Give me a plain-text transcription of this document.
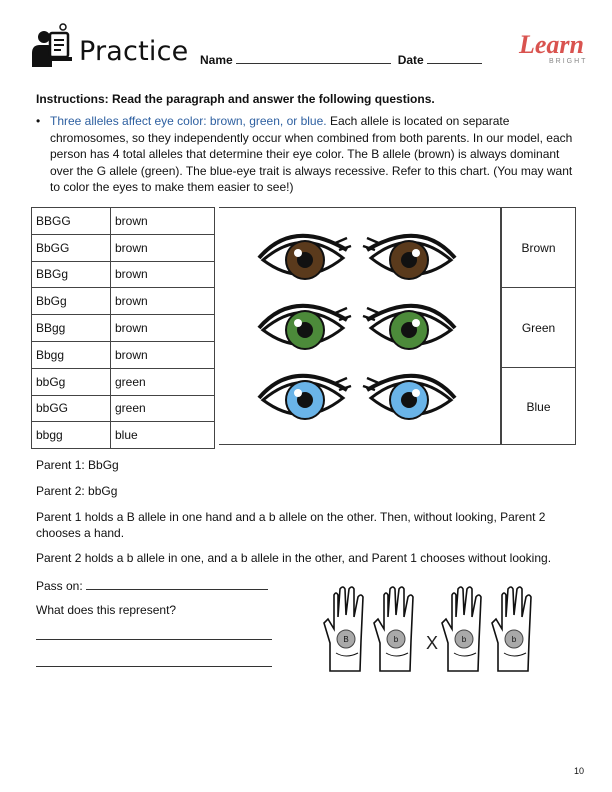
Practice Name	Date
Learn
BRIGHT
Instructions: Read the paragraph and answer the following questions.
• Three alleles affect eye color: brown, green, or blue. Each allele is located on separate chromosomes, so they independently occur when combined from both parents. In our model, each person has 4 total alleles that determine their eye color. The B allele (brown) is always dominant over the G allele (green). The blue-eye trait is always recessive. Refer to this chart. (You may want to color the eyes to make them easier to see!)
BBGG	brown
BbGG	brown
BBGg	brown
BbGg	brown
BBgg	brown
Bbgg	brown
bbGg	green
bbGG	green
bbgg	blue
Brown
Green
Blue
Parent 1: BbGg
Parent 2: bbGg
Parent 1 holds a B allele in one hand and a b allele on the other. Then, without looking, Parent 2 chooses a hand.
Parent 2 holds a b allele in one, and a b allele in the other, and Parent 1 chooses without looking.
Pass on:
What does this represent?
B	b	b	b
X
10
